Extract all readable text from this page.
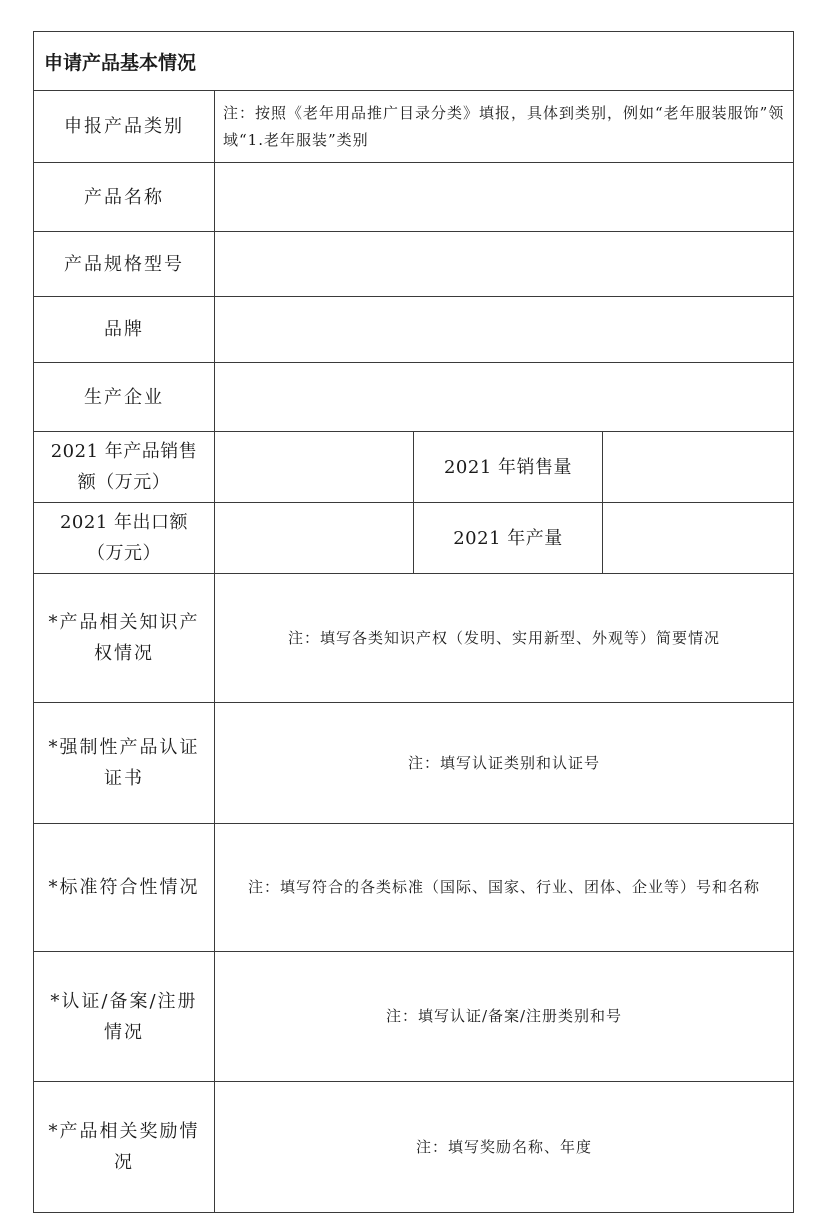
申请产品基本情况			
申报产品类别	注：按照《老年用品推广目录分类》填报，具体到类别，例如“老年服装服饰”领域“1.老年服装”类别		
产品名称			
产品规格型号			
品牌			
生产企业			
2021 年产品销售额（万元）		2021 年销售量	
2021 年出口额（万元）		2021 年产量	
*产品相关知识产权情况	注：填写各类知识产权（发明、实用新型、外观等）简要情况		
*强制性产品认证证书	注：填写认证类别和认证号		
*标准符合性情况	注：填写符合的各类标准（国际、国家、行业、团体、企业等）号和名称		
*认证/备案/注册情况	注：填写认证/备案/注册类别和号		
*产品相关奖励情况	注：填写奖励名称、年度		
